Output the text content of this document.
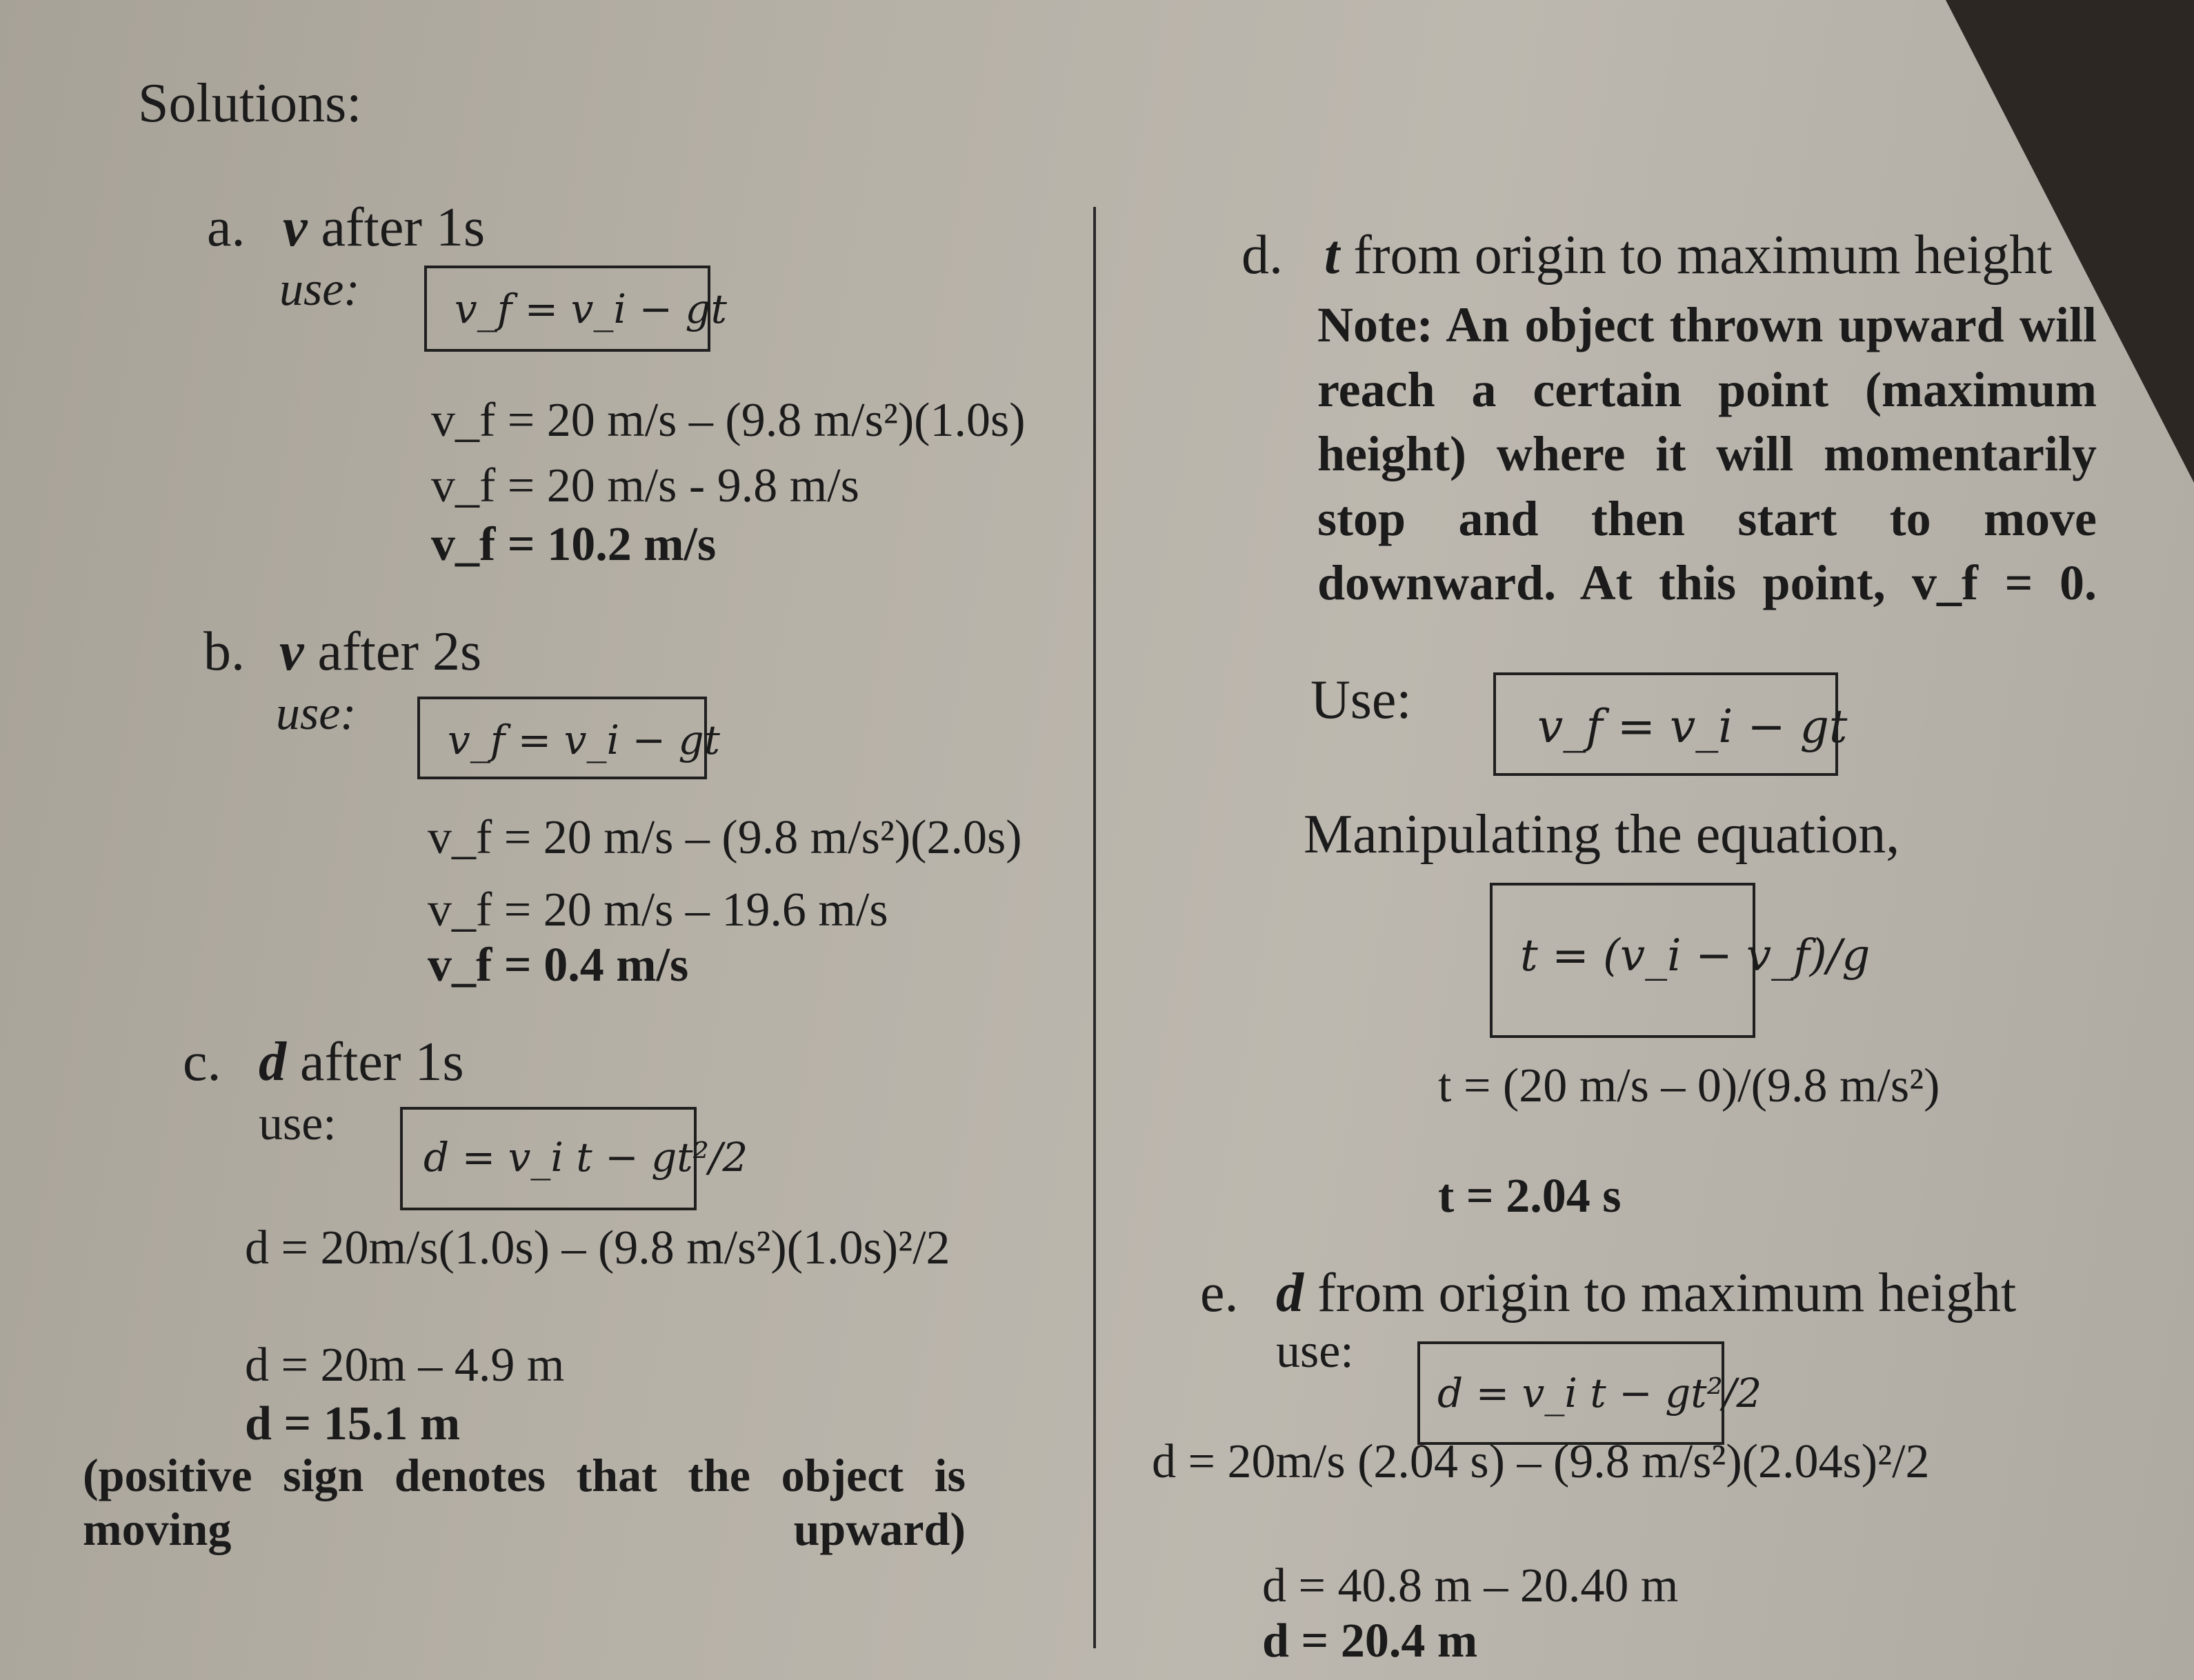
Solutions:
a. v after 1s
use: v_f = v_i − gt
v_f = 20 m/s – (9.8 m/s²)(1.0s)
v_f = 20 m/s - 9.8 m/s
v_f = 10.2 m/s
b. v after 2s
use: v_f = v_i − gt
v_f = 20 m/s – (9.8 m/s²)(2.0s)
v_f = 20 m/s – 19.6 m/s
v_f = 0.4 m/s
c. d after 1s
use:
d = v_i t − gt²/2
d = 20m/s(1.0s) – (9.8 m/s²)(1.0s)²/2
d = 20m – 4.9 m
d = 15.1 m
(positive sign denotes that the object is moving upward)
d. t from origin to maximum height
Note: An object thrown upward will reach a certain point (maximum height) where it will momentarily stop and then start to move downward. At this point, v_f = 0.
Use:	v_f = v_i − gt
Manipulating the equation,
t = (v_i − v_f)/g
t = (20 m/s – 0)/(9.8 m/s²)
t = 2.04 s
e. d from origin to maximum height
use:
d = v_i t − gt²/2
d = 20m/s (2.04 s) – (9.8 m/s²)(2.04s)²/2
d = 40.8 m – 20.40 m
d = 20.4 m
